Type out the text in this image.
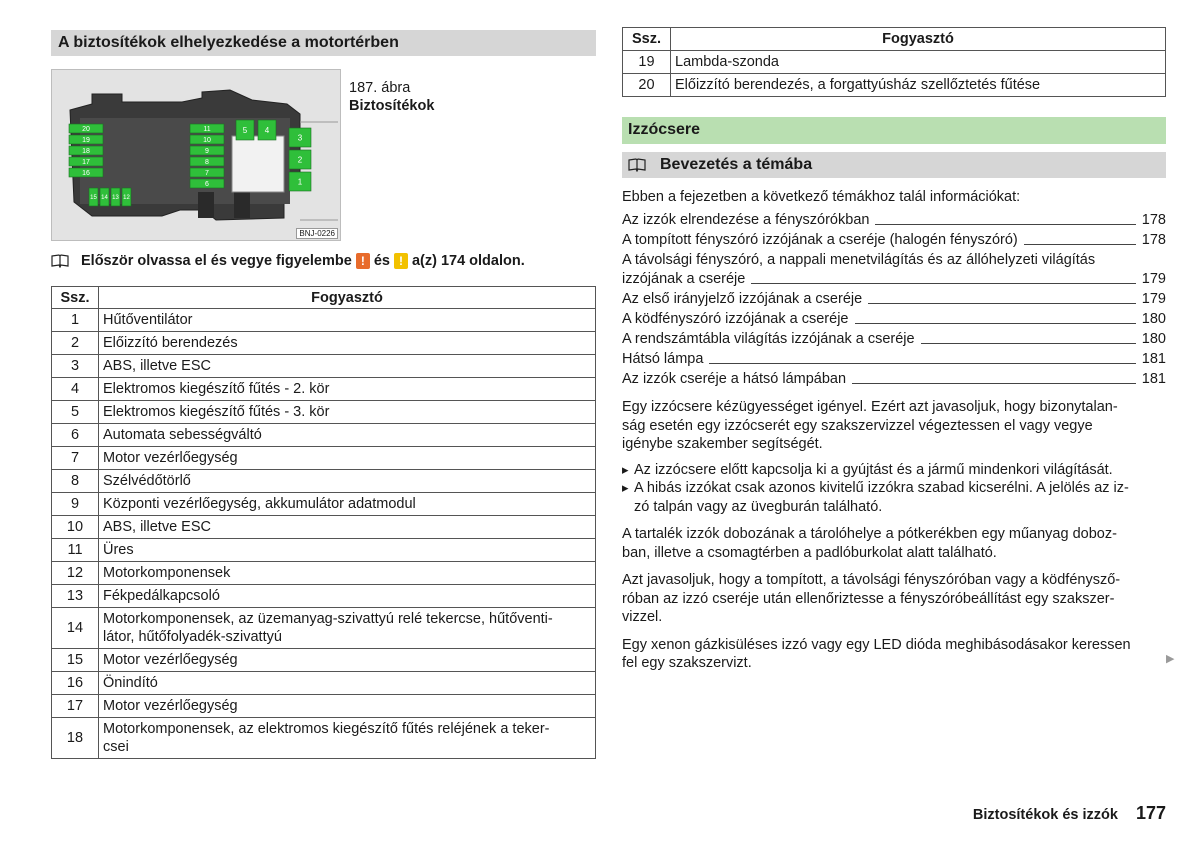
A biztosítékok elhelyezkedése a motortérben
20
19
18
17
16
15 14 13 12
11
10
9
8
7
6
5 4
3
2
1
BNJ-0226
187. ábra
Biztosítékok
Először olvassa el és vegye figyelembe ! és ! a(z) 174 oldalon.
Ssz.	Fogyasztó
1	Hűtőventilátor
2	Előizzító berendezés
3	ABS, illetve ESC
4	Elektromos kiegészítő fűtés - 2. kör
5	Elektromos kiegészítő fűtés - 3. kör
6	Automata sebességváltó
7	Motor vezérlőegység
8	Szélvédőtörlő
9	Központi vezérlőegység, akkumulátor adatmodul
10	ABS, illetve ESC
11	Üres
12	Motorkomponensek
13	Fékpedálkapcsoló
14	Motorkomponensek, az üzemanyag-szivattyú relé tekercse, hűtőventi-
látor, hűtőfolyadék-szivattyú
15	Motor vezérlőegység
16	Önindító
17	Motor vezérlőegység
18	Motorkomponensek, az elektromos kiegészítő fűtés reléjének a teker-
csei
Ssz.	Fogyasztó
19	Lambda-szonda
20	Előizzító berendezés, a forgattyúsház szellőztetés fűtése
Izzócsere
Bevezetés a témába
Ebben a fejezetben a következő témákhoz talál információkat:
Az izzók elrendezése a fényszórókban	178
A tompított fényszóró izzójának a cseréje (halogén fényszóró)	178
A távolsági fényszóró, a nappali menetvilágítás és az állóhelyzeti világítás
izzójának a cseréje	179
Az első irányjelző izzójának a cseréje	179
A ködfényszóró izzójának a cseréje	180
A rendszámtábla világítás izzójának a cseréje	180
Hátsó lámpa	181
Az izzók cseréje a hátsó lámpában	181
Egy izzócsere kézügyességet igényel. Ezért azt javasoljuk, hogy bizonytalan-
ság esetén egy izzócserét egy szakszervizzel végeztessen el vagy vegye
igénybe szakember segítségét.
▸ Az izzócsere előtt kapcsolja ki a gyújtást és a jármű mindenkori világítását.
▸ A hibás izzókat csak azonos kivitelű izzókra szabad kicserélni. A jelölés az iz-
zó talpán vagy az üvegburán található.
A tartalék izzók dobozának a tárolóhelye a pótkerékben egy műanyag doboz-
ban, illetve a csomagtérben a padlóburkolat alatt található.
Azt javasoljuk, hogy a tompított, a távolsági fényszóróban vagy a ködfénysző-
róban az izzó cseréje után ellenőriztesse a fényszóróbeállítást egy szakszer-
vizzel.
Egy xenon gázkisüléses izzó vagy egy LED dióda meghibásodásakor keressen
fel egy szakszervizt.	▶
Biztosítékok és izzók 177
